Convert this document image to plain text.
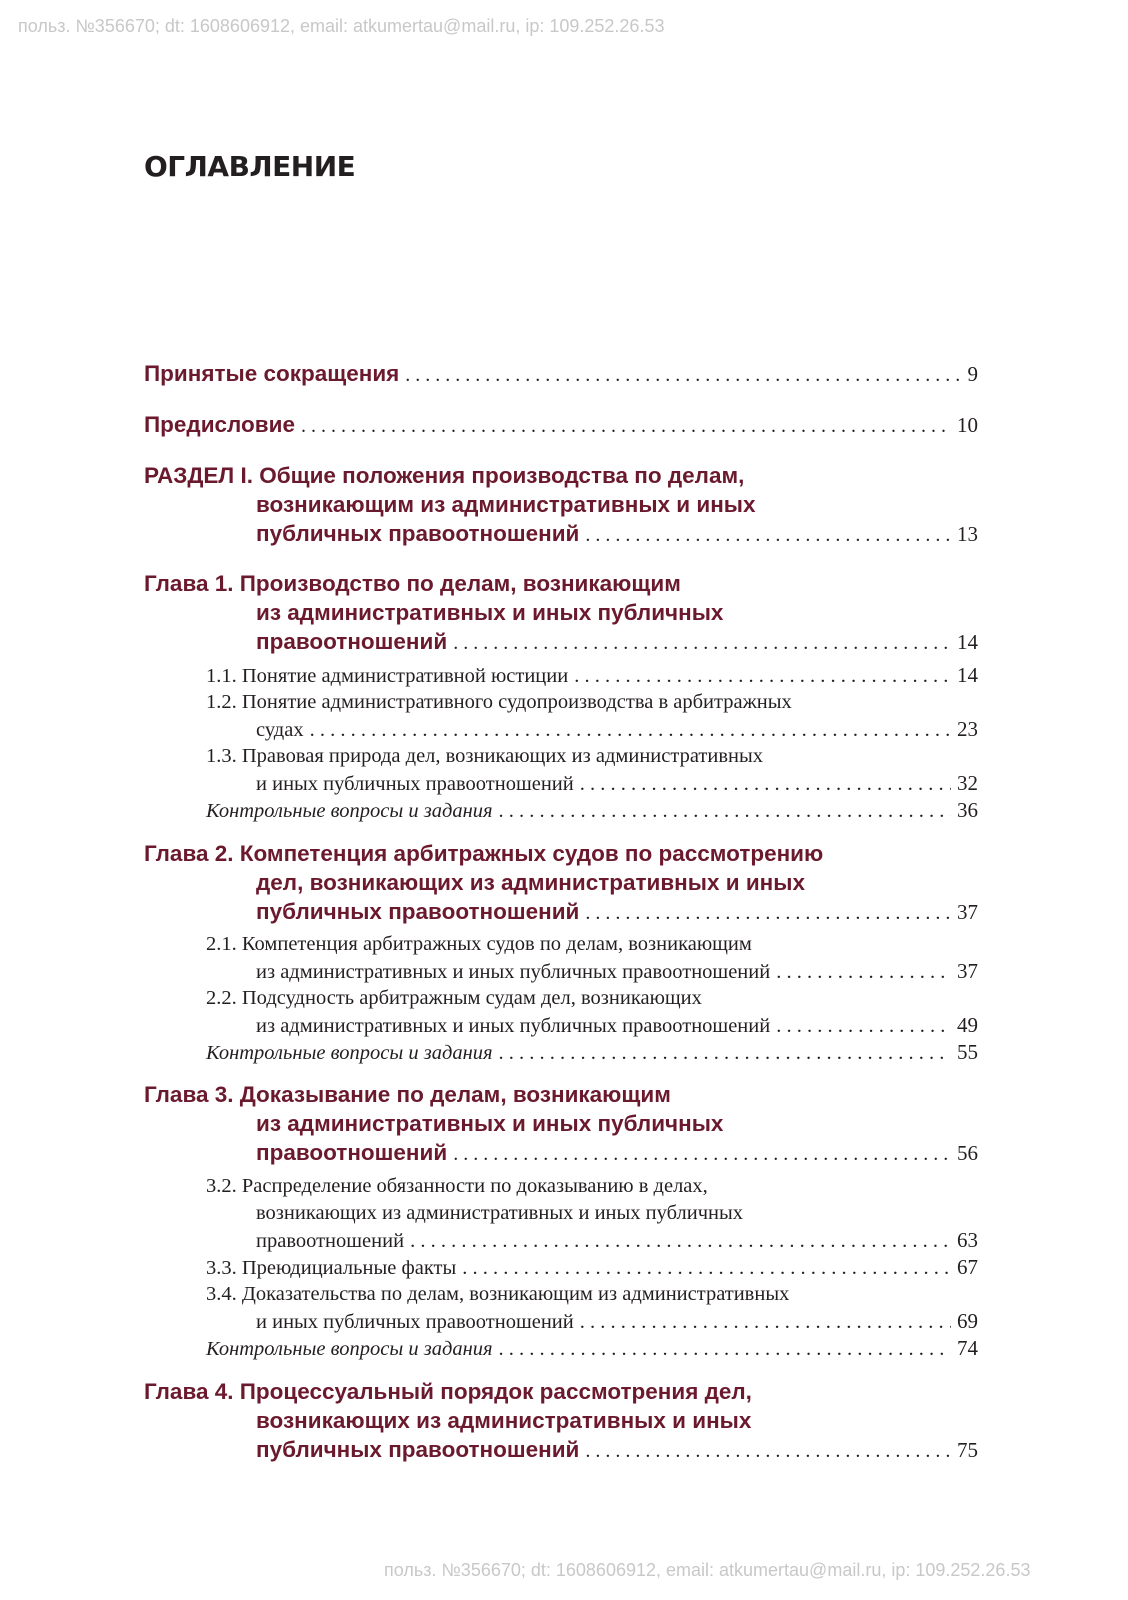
польз. №356670; dt: 1608606912, email: atkumertau@mail.ru, ip: 109.252.26.53
ОГЛАВЛЕНИЕ
Принятые сокращения . . .	9
Предисловие . . .	10
РАЗДЕЛ I. Общие положения производства по делам,
возникающим из административных и иных
публичных правоотношений . . .	13
Глава 1. Производство по делам, возникающим
из административных и иных публичных
правоотношений . . .	14
1.1. Понятие административной юстиции . . .	14
1.2. Понятие административного судопроизводства в арбитражных
судах . . .	23
1.3. Правовая природа дел, возникающих из административных
и иных публичных правоотношений . . .	32
Контрольные вопросы и задания . . .	36
Глава 2. Компетенция арбитражных судов по рассмотрению
дел, возникающих из административных и иных
публичных правоотношений . . .	37
2.1. Компетенция арбитражных судов по делам, возникающим
из административных и иных публичных правоотношений . . .	37
2.2. Подсудность арбитражным судам дел, возникающих
из административных и иных публичных правоотношений . . .	49
Контрольные вопросы и задания . . .	55
Глава 3. Доказывание по делам, возникающим
из административных и иных публичных
правоотношений . . .	56
3.2. Распределение обязанности по доказыванию в делах,
возникающих из административных и иных публичных
правоотношений . . .	63
3.3. Преюдициальные факты . . .	67
3.4. Доказательства по делам, возникающим из административных
и иных публичных правоотношений . . .	69
Контрольные вопросы и задания . . .	74
Глава 4. Процессуальный порядок рассмотрения дел,
возникающих из административных и иных
публичных правоотношений . . .	75
польз. №356670; dt: 1608606912, email: atkumertau@mail.ru, ip: 109.252.26.53
